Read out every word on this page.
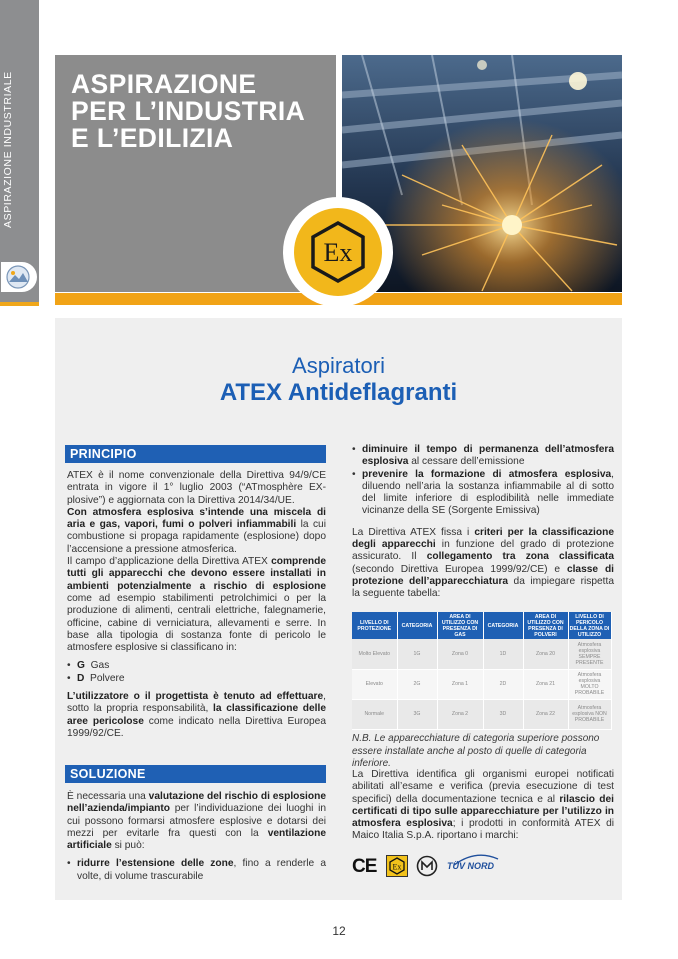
ASPIRAZIONE INDUSTRIALE ASPIRAZIONE
PER L’INDUSTRIA
E L’EDILIZIA
Ex
Aspiratori
ATEX Antideflagranti
PRINCIPIO

ATEX è il nome convenzionale della Direttiva 94/9/CE entrata in vigore il 1° luglio 2003 (“ATmosphère EX-plosive”) e aggiornata con la Direttiva 2014/34/UE.

Con atmosfera esplosiva s’intende una miscela di aria e gas, vapori, fumi o polveri infiammabili la cui combustione si propaga rapidamente (esplosione) dopo l’accensione a pressione atmosferica.

Il campo d’applicazione della Direttiva ATEX comprende tutti gli apparecchi che devono essere installati in ambienti potenzialmente a rischio di esplosione come ad esempio stabilimenti petrolchimici o per la produzione di alimenti, centrali elettriche, falegnamerie, officine, cabine di verniciatura, allevamenti e serre. In base alla tipologia di sostanza fonte di pericolo le atmosfere esplosive si classificano in:

• G Gas
• D Polvere

L’utilizzatore o il progettista è tenuto ad effettuare, sotto la propria responsabilità, la classificazione delle aree pericolose come indicato nella Direttiva Europea 1999/92/CE.

SOLUZIONE

È necessaria una valutazione del rischio di esplosione nell’azienda/impianto per l’individuazione dei luoghi in cui possono formarsi atmosfere esplosive e dotarsi dei mezzi per evitarle fra questi con la ventilazione artificiale si può:

• ridurre l’estensione delle zone, fino a renderle a volte, di volume trascurabile
• diminuire il tempo di permanenza dell’atmosfera esplosiva al cessare dell’emissione
• prevenire la formazione di atmosfera esplosiva, diluendo nell’aria la sostanza infiammabile al di sotto del limite inferiore di esplodibilità nelle immediate vicinanze della SE (Sorgente Emissiva)

La Direttiva ATEX fissa i criteri per la classificazione degli apparecchi in funzione del grado di protezione assicurato. Il collegamento tra zona classificata (secondo Direttiva Europea 1999/92/CE) e classe di protezione dell’apparecchiatura da impiegare rispetta la seguente tabella:

LIVELLO DI PROTEZIONE	CATEGORIA	AREA DI UTILIZZO CON PRESENZA DI GAS	CATEGORIA	AREA DI UTILIZZO CON PRESENZA DI POLVERI	LIVELLO DI PERICOLO DELLA ZONA DI UTILIZZO
Molto Elevato	1G	Zona 0	1D	Zona 20	Atmosfera esplosiva SEMPRE PRESENTE
Elevato	2G	Zona 1	2D	Zona 21	Atmosfera esplosiva MOLTO PROBABILE
Normale	3G	Zona 2	3D	Zona 22	Atmosfera esplosiva NON PROBABILE
N.B. Le apparecchiature di categoria superiore possono essere installate anche al posto di quelle di categoria inferiore.

La Direttiva identifica gli organismi europei notificati abilitati all’esame e verifica (previa esecuzione di test specifici) della documentazione tecnica e al rilascio dei certificati di tipo sulle apparecchiature per l’utilizzo in atmosfera esplosiva; i prodotti in conformità ATEX di Maico Italia S.p.A. riportano i marchi:

CE Ex	TÜV NORD
12
